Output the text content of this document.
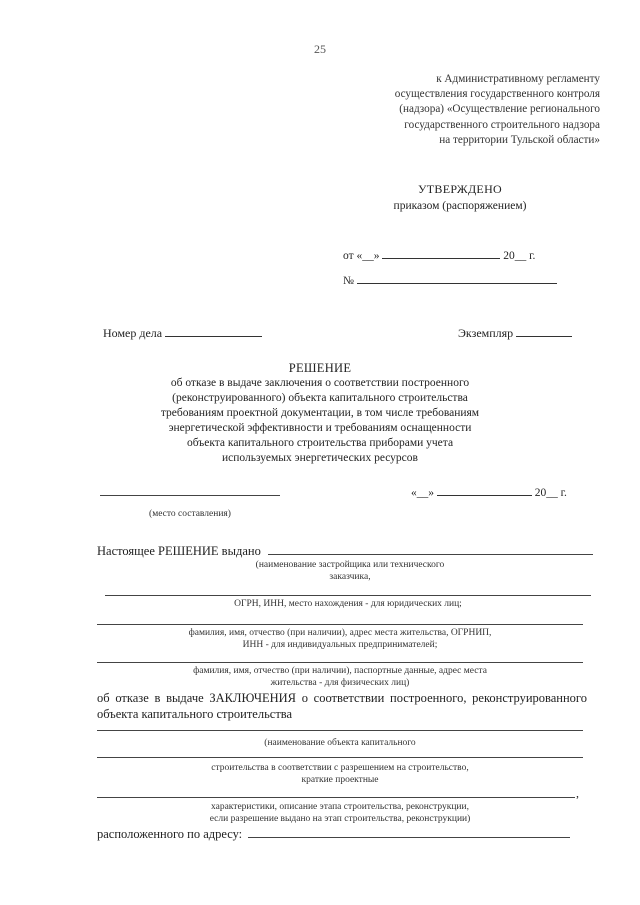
25
к Административному регламенту
осуществления государственного контроля
(надзора) «Осуществление регионального
государственного строительного надзора
на территории Тульской области»
УТВЕРЖДЕНО
приказом (распоряжением)
от «__»	20__ г.
№
Номер дела	Экземпляр
РЕШЕНИЕ
об отказе в выдаче заключения о соответствии построенного
(реконструированного) объекта капитального строительства
требованиям проектной документации, в том числе требованиям
энергетической эффективности и требованиям оснащенности
объекта капитального строительства приборами учета
используемых энергетических ресурсов
(место составления)
«__»	20__ г.
Настоящее РЕШЕНИЕ выдано
(наименование застройщика или технического
заказчика,
ОГРН, ИНН, место нахождения - для юридических лиц;
фамилия, имя, отчество (при наличии), адрес места жительства, ОГРНИП,
ИНН - для индивидуальных предпринимателей;
фамилия, имя, отчество (при наличии), паспортные данные, адрес места
жительства - для физических лиц)
об отказе в выдаче ЗАКЛЮЧЕНИЯ о соответствии построенного, реконструированного объекта капитального строительства
(наименование объекта капитального
строительства в соответствии с разрешением на строительство,
краткие проектные
,
характеристики, описание этапа строительства, реконструкции,
если разрешение выдано на этап строительства, реконструкции)
расположенного по адресу:
